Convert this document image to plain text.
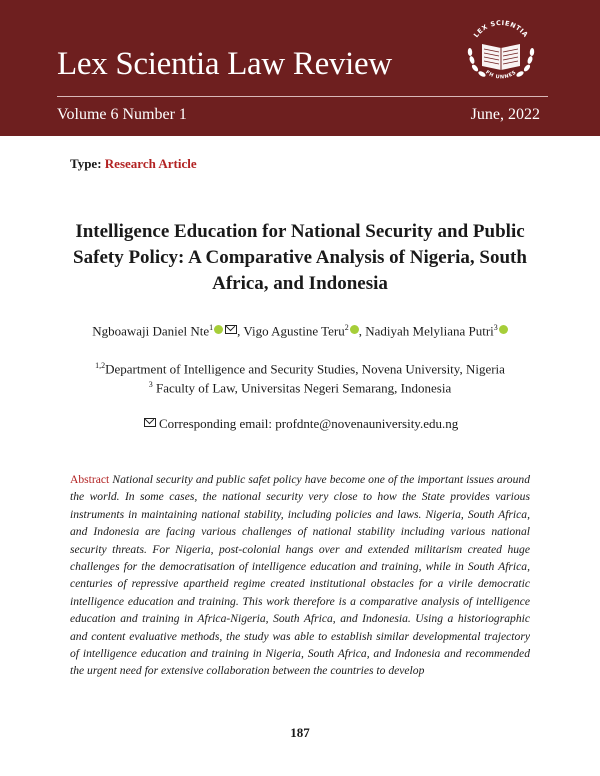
Lex Scientia Law Review
Volume 6 Number 1	June, 2022
LEX SCIENTIA
FH UNNES
Type: Research Article
Intelligence Education for National Security and Public Safety Policy: A Comparative Analysis of Nigeria, South Africa, and Indonesia
Ngboawaji Daniel Nte$^1$ , Vigo Agustine Teru$^2$ , Nadiyah Melyliana Putri$^3$
$^{1,2}$Department of Intelligence and Security Studies, Novena University, Nigeria
$^3$ Faculty of Law, Universitas Negeri Semarang, Indonesia
Corresponding email: profdnte@novenauniversity.edu.ng
Abstract National security and public safet policy have become one of the important issues around the world. In some cases, the national security very close to how the State provides various instruments in maintaining national stability, including policies and laws. Nigeria, South Africa, and Indonesia are facing various challenges of national stability including various national security threats. For Nigeria, post-colonial hangs over and extended militarism created huge challenges for the democratisation of intelligence education and training, while in South Africa, centuries of repressive apartheid regime created institutional obstacles for a virile democratic intelligence education and training. This work therefore is a comparative analysis of intelligence education and training in Africa-Nigeria, South Africa, and Indonesia. Using a historiographic and content evaluative methods, the study was able to establish similar developmental trajectory of intelligence education and training in Nigeria, South Africa, and Indonesia and recommended the urgent need for extensive collaboration between the countries to develop
187
